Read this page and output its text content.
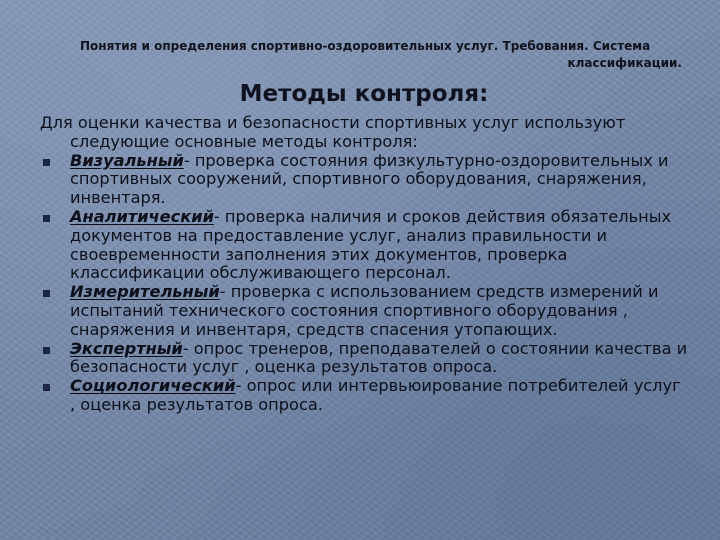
Понятия и определения спортивно-оздоровительных услуг. Требования. Система
классификации.
Методы контроля:

Для оценки качества и безопасности спортивных услуг используют следующие основные методы контроля:

Визуальный- проверка состояния физкультурно-оздоровительных и спортивных сооружений, спортивного оборудования, снаряжения, инвентаря.
Аналитический- проверка наличия и сроков действия обязательных документов на предоставление услуг, анализ правильности и своевременности заполнения этих документов, проверка классификации обслуживающего персонал.
Измерительный- проверка с использованием средств измерений и испытаний технического состояния спортивного оборудования , снаряжения и инвентаря, средств спасения утопающих.
Экспертный- опрос тренеров, преподавателей о состоянии качества и безопасности услуг , оценка результатов опроса.
Социологический- опрос или интервьюирование потребителей услуг , оценка результатов опроса.
